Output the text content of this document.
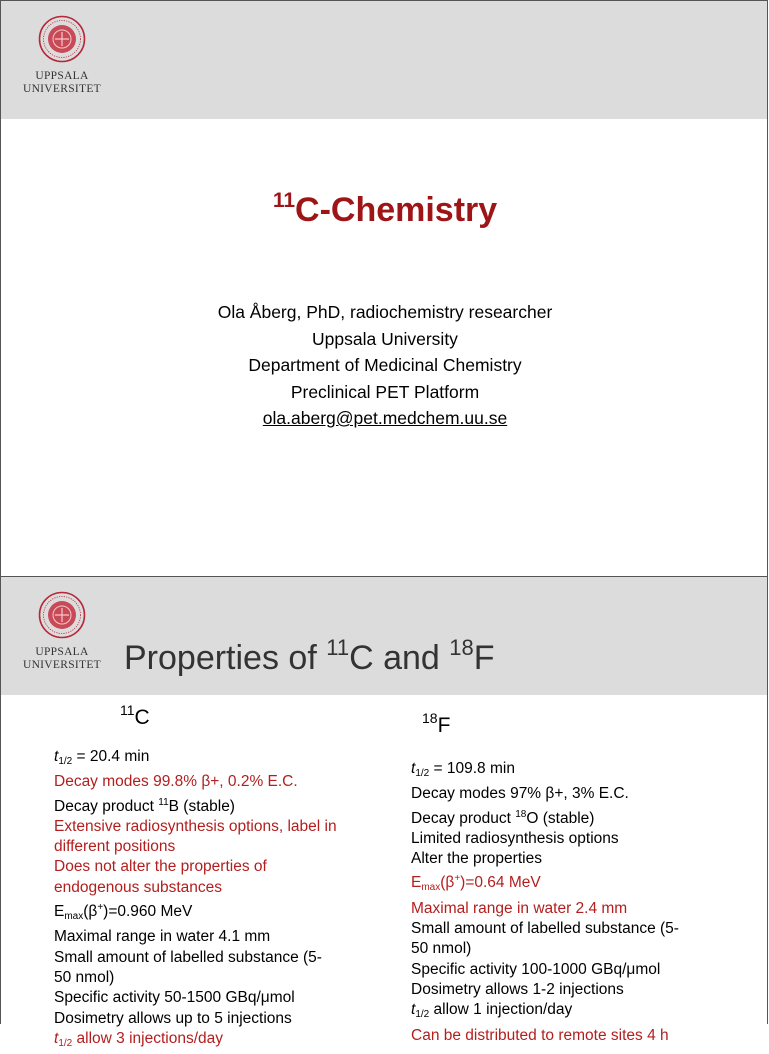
UPPSALA
UNIVERSITET
$^{11}$C-Chemistry
Ola Åberg, PhD, radiochemistry researcher
Uppsala University
Department of Medicinal Chemistry
Preclinical PET Platform
ola.aberg@pet.medchem.uu.se
UPPSALA
UNIVERSITET Properties of $^{11}$C and $^{18}$F
$^{11}$C
$t_{1/2} = 20.4$ min
Decay modes 99.8% β+, 0.2% E.C.
Decay product $^{11}$B (stable)
Extensive radiosynthesis options, label in
different positions
Does not alter the properties of
endogenous substances
$E_{max}(\beta^+)=0.960$ MeV
Maximal range in water 4.1 mm
Small amount of labelled substance (5-
50 nmol)
Specific activity 50-1500 GBq/μmol
Dosimetry allows up to 5 injections
$t_{1/2}$ allow 3 injections/day
$^{18}$F
$t_{1/2} = 109.8$ min
Decay modes 97% β+, 3% E.C.
Decay product $^{18}$O (stable)
Limited radiosynthesis options
Alter the properties
$E_{max}(\beta^+)=0.64$ MeV
Maximal range in water 2.4 mm
Small amount of labelled substance (5-
50 nmol)
Specific activity 100-1000 GBq/μmol
Dosimetry allows 1-2 injections
$t_{1/2}$ allow 1 injection/day
Can be distributed to remote sites 4 h
